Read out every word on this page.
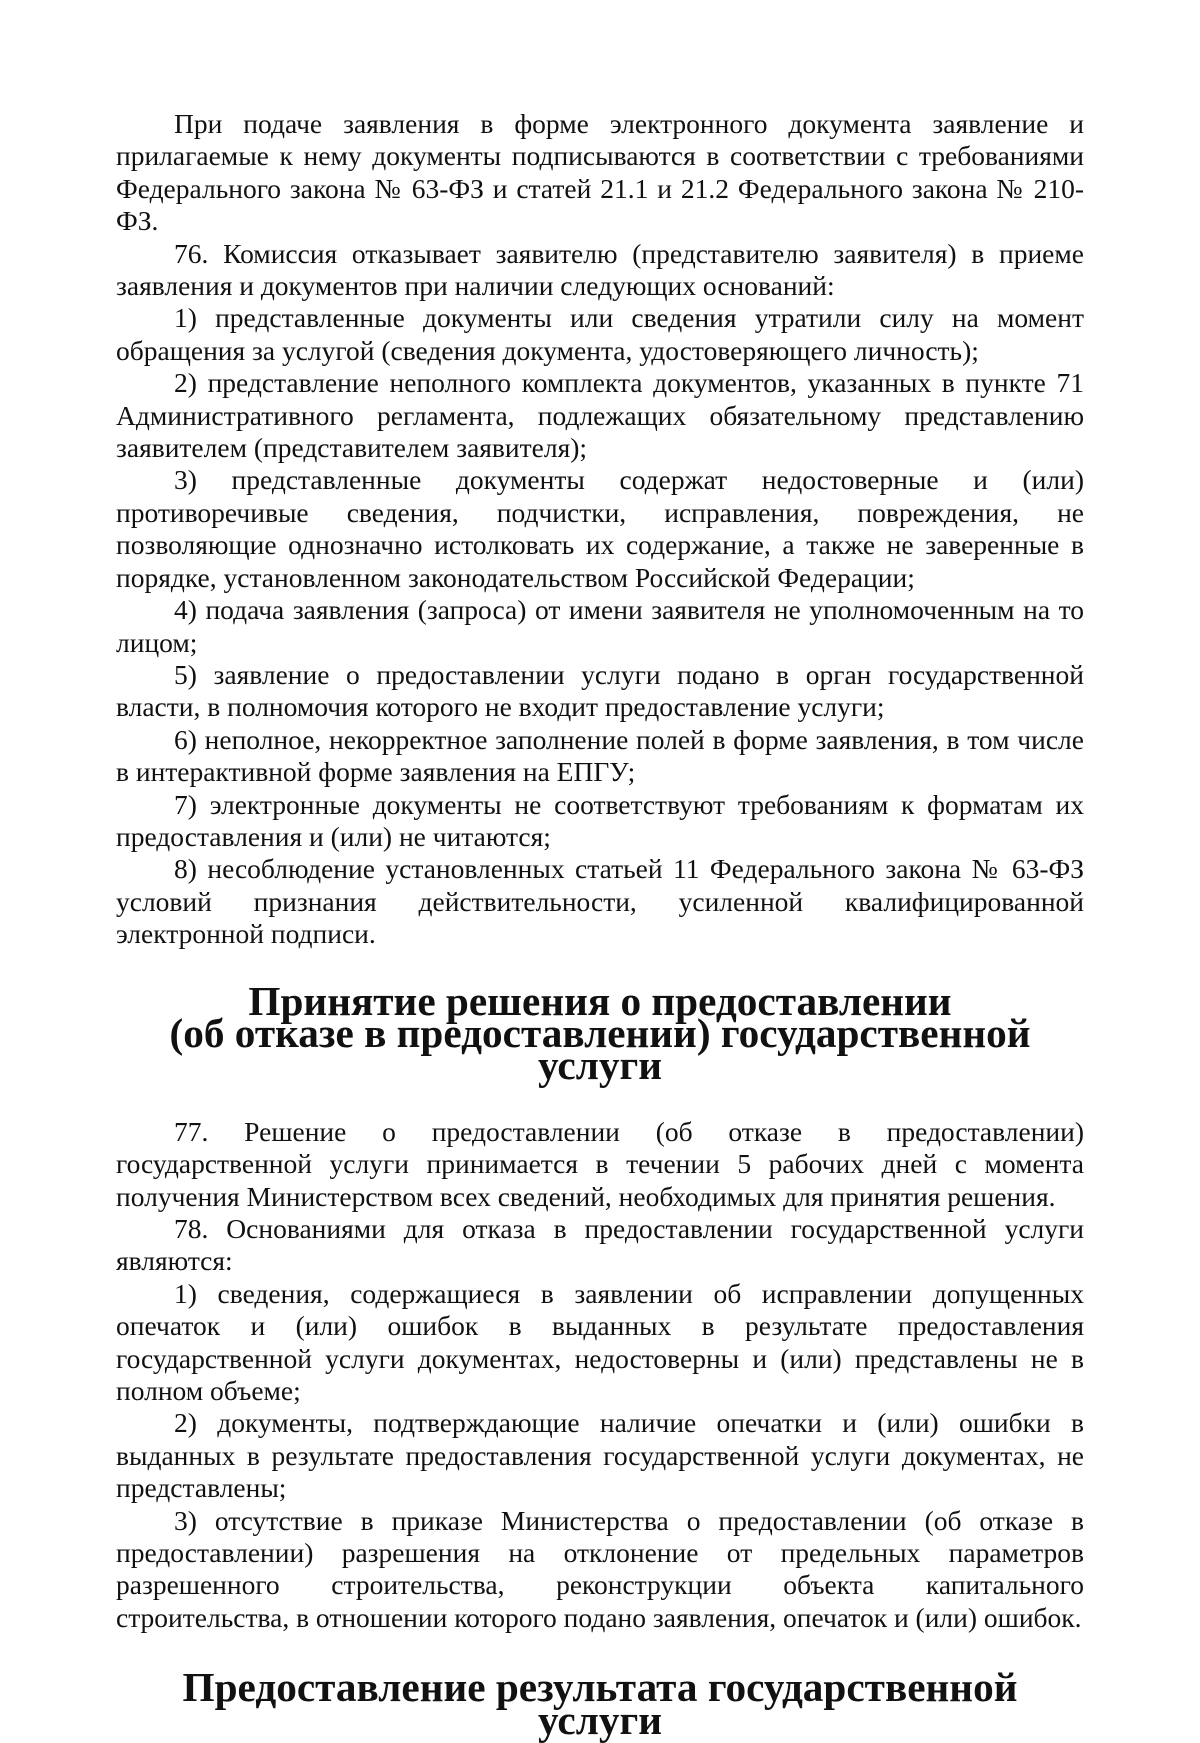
При подаче заявления в форме электронного документа заявление и прилагаемые к нему документы подписываются в соответствии с требованиями Федерального закона № 63-ФЗ и статей 21.1 и 21.2 Федерального закона № 210-ФЗ.

76. Комиссия отказывает заявителю (представителю заявителя) в приеме заявления и документов при наличии следующих оснований:

1) представленные документы или сведения утратили силу на момент обращения за услугой (сведения документа, удостоверяющего личность);

2) представление неполного комплекта документов, указанных в пункте 71 Административного регламента, подлежащих обязательному представлению заявителем (представителем заявителя);

3) представленные документы содержат недостоверные и (или) противоречивые сведения, подчистки, исправления, повреждения, не позволяющие однозначно истолковать их содержание, а также не заверенные в порядке, установленном законодательством Российской Федерации;

4) подача заявления (запроса) от имени заявителя не уполномоченным на то лицом;

5) заявление о предоставлении услуги подано в орган государственной власти, в полномочия которого не входит предоставление услуги;

6) неполное, некорректное заполнение полей в форме заявления, в том числе в интерактивной форме заявления на ЕПГУ;

7) электронные документы не соответствуют требованиям к форматам их предоставления и (или) не читаются;

8) несоблюдение установленных статьей 11 Федерального закона № 63-ФЗ условий признания действительности, усиленной квалифицированной электронной подписи.

Принятие решения о предоставлении
(об отказе в предоставлении) государственной услуги

77. Решение о предоставлении (об отказе в предоставлении) государственной услуги принимается в течении 5 рабочих дней с момента получения Министерством всех сведений, необходимых для принятия решения.

78. Основаниями для отказа в предоставлении государственной услуги являются:

1) сведения, содержащиеся в заявлении об исправлении допущенных опечаток и (или) ошибок в выданных в результате предоставления государственной услуги документах, недостоверны и (или) представлены не в полном объеме;

2) документы, подтверждающие наличие опечатки и (или) ошибки в выданных в результате предоставления государственной услуги документах, не представлены;

3) отсутствие в приказе Министерства о предоставлении (об отказе в предоставлении) разрешения на отклонение от предельных параметров разрешенного строительства, реконструкции объекта капитального строительства, в отношении которого подано заявления, опечаток и (или) ошибок.

Предоставление результата государственной услуги
